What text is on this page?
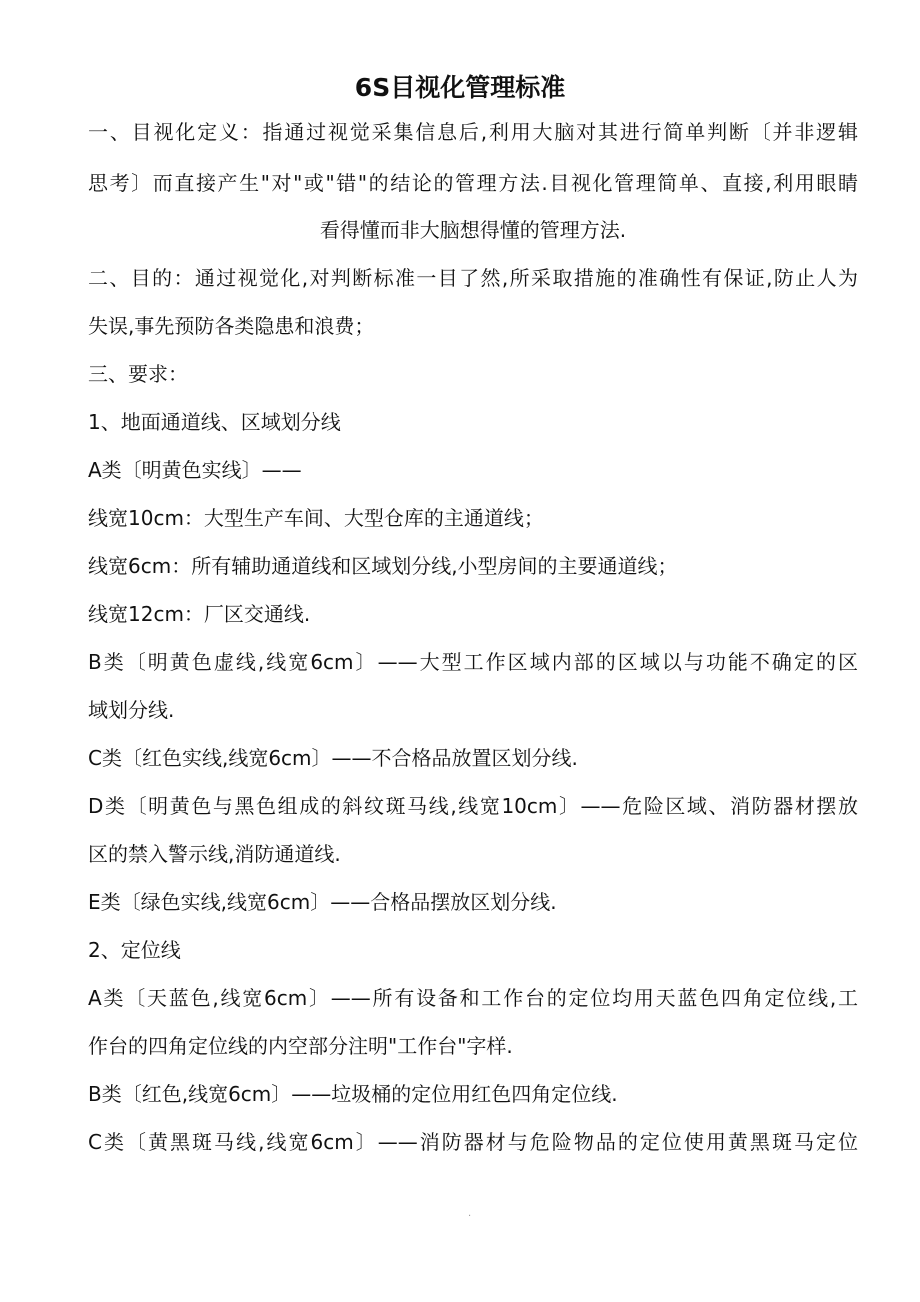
6S目视化管理标准
一、目视化定义：指通过视觉采集信息后,利用大脑对其进行简单判断〔并非逻辑
思考〕而直接产生"对"或"错"的结论的管理方法.目视化管理简单、直接,利用眼睛
看得懂而非大脑想得懂的管理方法.
二、目的：通过视觉化,对判断标准一目了然,所采取措施的准确性有保证,防止人为
失误,事先预防各类隐患和浪费；
三、要求：
1、地面通道线、区域划分线
A类〔明黄色实线〕——
线宽10cm：大型生产车间、大型仓库的主通道线；
线宽6cm：所有辅助通道线和区域划分线,小型房间的主要通道线；
线宽12cm：厂区交通线.
B类〔明黄色虚线,线宽6cm〕——大型工作区域内部的区域以与功能不确定的区
域划分线.
C类〔红色实线,线宽6cm〕——不合格品放置区划分线.
D类〔明黄色与黑色组成的斜纹斑马线,线宽10cm〕——危险区域、消防器材摆放
区的禁入警示线,消防通道线.
E类〔绿色实线,线宽6cm〕——合格品摆放区划分线.
2、定位线
A类〔天蓝色,线宽6cm〕——所有设备和工作台的定位均用天蓝色四角定位线,工
作台的四角定位线的内空部分注明"工作台"字样.
B类〔红色,线宽6cm〕——垃圾桶的定位用红色四角定位线.
C类〔黄黑斑马线,线宽6cm〕——消防器材与危险物品的定位使用黄黑斑马定位
.
